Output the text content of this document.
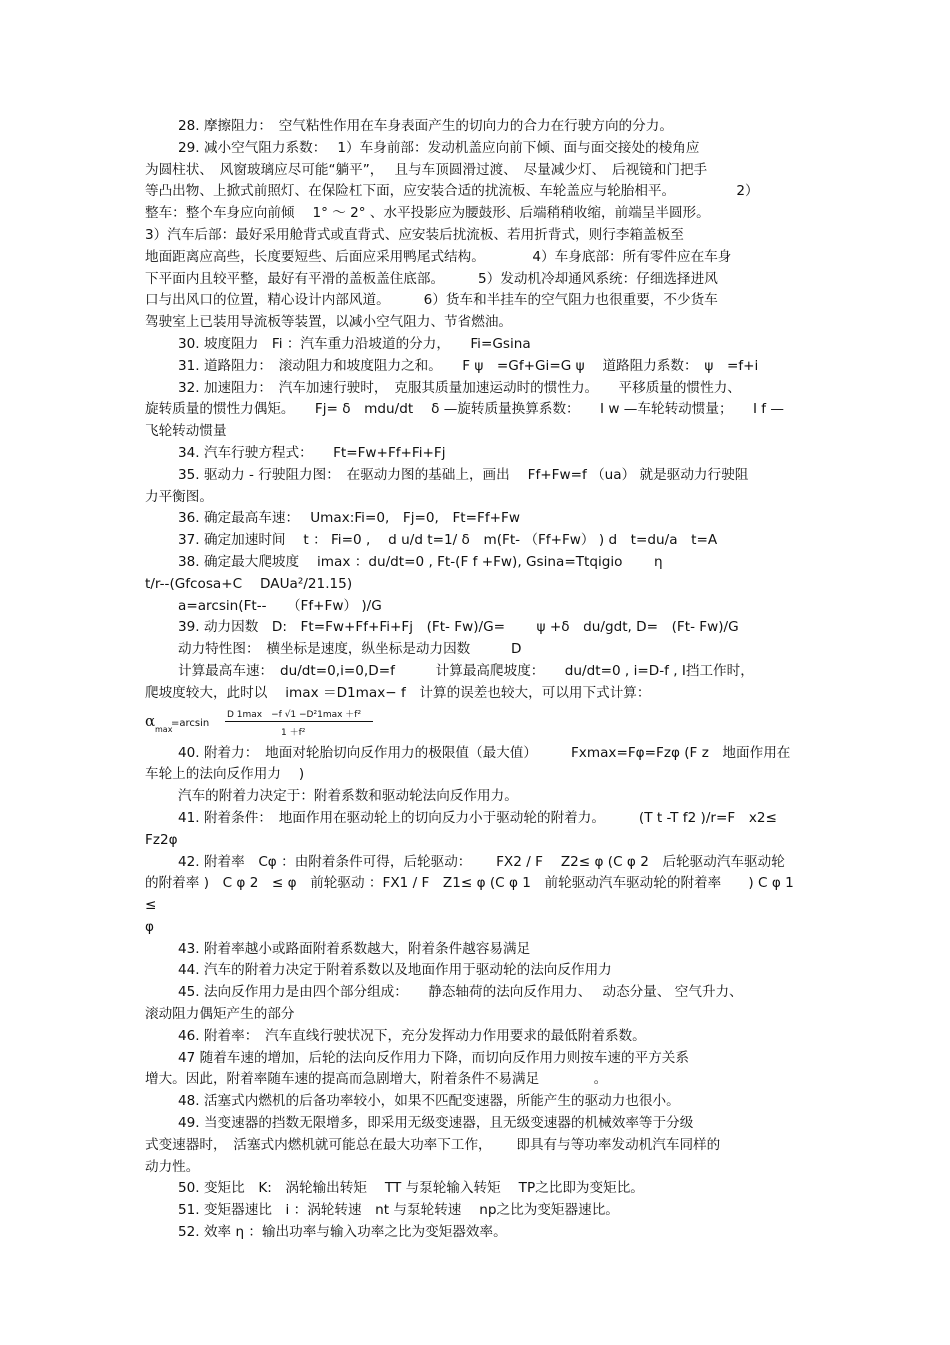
28. 摩擦阻力：　空气粘性作用在车身表面产生的切向力的合力在行驶方向的分力。

29. 减小空气阻力系数：　 1）车身前部：发动机盖应向前下倾、面与面交接处的棱角应

为圆柱状、　风窗玻璃应尽可能“躺平”，　 且与车顶圆滑过渡、　尽量减少灯、　后视镜和门把手

等凸出物、上掀式前照灯、在保险杠下面，应安装合适的扰流板、车轮盖应与轮胎相平。　　　　　2）

整车：整个车身应向前倾　 1° ～ 2° 、水平投影应为腰鼓形、后端稍稍收缩，前端呈半圆形。

3）汽车后部：最好采用舱背式或直背式、应安装后扰流板、若用折背式，则行李箱盖板至

地面距离应高些，长度要短些、后面应采用鸭尾式结构。　　　　4）车身底部：所有零件应在车身

下平面内且较平整，最好有平滑的盖板盖住底部。　　　5）发动机冷却通风系统：仔细选择进风

口与出风口的位置，精心设计内部风道。　　　6）货车和半挂车的空气阻力也很重要，不少货车

驾驶室上已装用导流板等装置，以减小空气阻力、节省燃油。

30. 坡度阻力　Fi ：汽车重力沿坡道的分力，　　Fi=Gsina

31. 道路阻力：　滚动阻力和坡度阻力之和。　　F ψ　=Gf+Gi=G ψ　 道路阻力系数：　ψ　=f+i

32. 加速阻力：　汽车加速行驶时，　克服其质量加速运动时的惯性力。　　平移质量的惯性力、

旋转质量的惯性力偶矩。　　Fj= δ　mdu/dt　 δ —旋转质量换算系数：　　I w —车轮转动惯量；　　I f —

飞轮转动惯量

34. 汽车行驶方程式：　　Ft=Fw+Ff+Fi+Fj

35. 驱动力 - 行驶阻力图：　在驱动力图的基础上，画出　 Ff+Fw=f （ua） 就是驱动力行驶阻

力平衡图。

36. 确定最高车速：　 Umax:Fi=0,　Fj=0,　Ft=Ff+Fw

37. 确定加速时间　 t ： Fi=0 ,　 d u/d t=1/ δ　m(Ft- （Ff+Fw） ) d　t=du/a　t=A

38. 确定最大爬坡度　 imax ：du/dt=0 , Ft-(F f +Fw), Gsina=Ttqigio　　 η

t/r--(Gfcosa+C　 DAUa²/21.15)

a=arcsin(Ft--　　（Ff+Fw） )/G

39. 动力因数　D:　Ft=Fw+Ff+Fi+Fj　(Ft- Fw)/G=　　 ψ +δ　du/gdt, D=　(Ft- Fw)/G

动力特性图：　横坐标是速度，纵坐标是动力因数　　　D

计算最高车速：　du/dt=0,i=0,D=f　　　计算最高爬坡度：　　du/dt=0 , i=D-f , Ⅰ挡工作时，

爬坡度较大，此时以　 imax ＝D1max− f　计算的误差也较大，可以用下式计算：

α max
=arcsin
D 1max　−f √1 −D²1max ＋f²
1 ＋f²

40. 附着力：　地面对轮胎切向反作用力的极限值（最大值）　　　Fxmax=Fφ=Fzφ (F z　地面作用在

车轮上的法向反作用力　 )

汽车的附着力决定于：附着系数和驱动轮法向反作用力。

41. 附着条件：　地面作用在驱动轮上的切向反力小于驱动轮的附着力。　　　(T t -T f2 )/r=F　x2≤

Fz2φ

42. 附着率　Cφ ：由附着条件可得，后轮驱动：　　 FX2 / F　 Z2≤ φ (C φ 2　后轮驱动汽车驱动轮

的附着率 )　C φ 2　≤ φ　前轮驱动 ：FX1 / F　Z1≤ φ (C φ 1　前轮驱动汽车驱动轮的附着率　　) C φ 1　≤

φ

43. 附着率越小或路面附着系数越大，附着条件越容易满足

44. 汽车的附着力决定于附着系数以及地面作用于驱动轮的法向反作用力

45. 法向反作用力是由四个部分组成：　　静态轴荷的法向反作用力、　 动态分量、 空气升力、

滚动阻力偶矩产生的部分

46. 附着率：　汽车直线行驶状况下，充分发挥动力作用要求的最低附着系数。

47 随着车速的增加，后轮的法向反作用力下降，而切向反作用力则按车速的平方关系

增大。因此，附着率随车速的提高而急剧增大，附着条件不易满足　　　　。

48. 活塞式内燃机的后备功率较小，如果不匹配变速器，所能产生的驱动力也很小。

49. 当变速器的挡数无限增多，即采用无级变速器，且无级变速器的机械效率等于分级

式变速器时，　活塞式内燃机就可能总在最大功率下工作，　　 即具有与等功率发动机汽车同样的

动力性。

50. 变矩比　K:　涡轮输出转矩　 TT 与泵轮输入转矩　 TP之比即为变矩比。

51. 变矩器速比　i ：涡轮转速　nt 与泵轮转速　 np之比为变矩器速比。

52. 效率 η ：输出功率与输入功率之比为变矩器效率。
